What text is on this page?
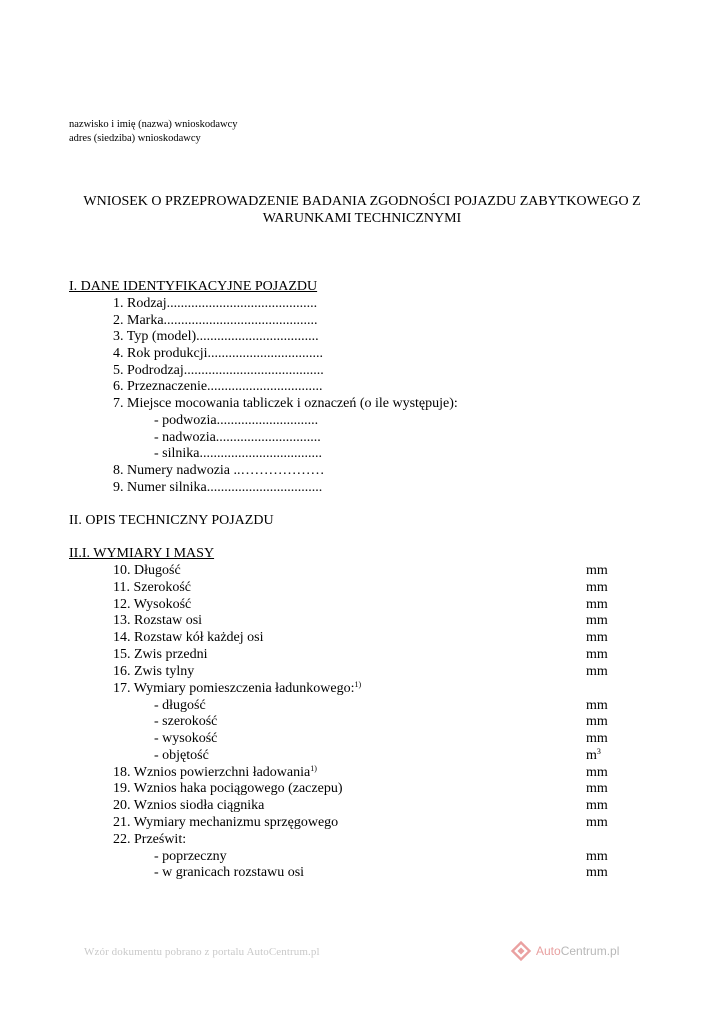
nazwisko i imię (nazwa) wnioskodawcy
adres (siedziba) wnioskodawcy
WNIOSEK O PRZEPROWADZENIE BADANIA ZGODNOŚCI POJAZDU ZABYTKOWEGO Z
WARUNKAMI TECHNICZNYMI
I. DANE IDENTYFIKACYJNE POJAZDU
1. Rodzaj...........................................
2. Marka............................................
3. Typ (model)...................................
4. Rok produkcji.................................
5. Podrodzaj........................................
6. Przeznaczenie.................................
7. Miejsce mocowania tabliczek i oznaczeń (o ile występuje):
- podwozia.............................
- nadwozia..............................
- silnika...................................
8. Numery nadwozia ..………………
9. Numer silnika.................................
II. OPIS TECHNICZNY POJAZDU
II.I. WYMIARY I MASY
10. Długość	mm
11. Szerokość	mm
12. Wysokość	mm
13. Rozstaw osi	mm
14. Rozstaw kół każdej osi	mm
15. Zwis przedni	mm
16. Zwis tylny	mm
17. Wymiary pomieszczenia ładunkowego:$^{1)}$
- długość	mm
- szerokość	mm
- wysokość	mm
- objętość	$m^3$
18. Wznios powierzchni ładowania$^{1)}$	mm
19. Wznios haka pociągowego (zaczepu)	mm
20. Wznios siodła ciągnika	mm
21. Wymiary mechanizmu sprzęgowego	mm
22. Prześwit:
- poprzeczny	mm
- w granicach rozstawu osi	mm
Wzór dokumentu pobrano z portalu AutoCentrum.pl	AutoCentrum.pl
